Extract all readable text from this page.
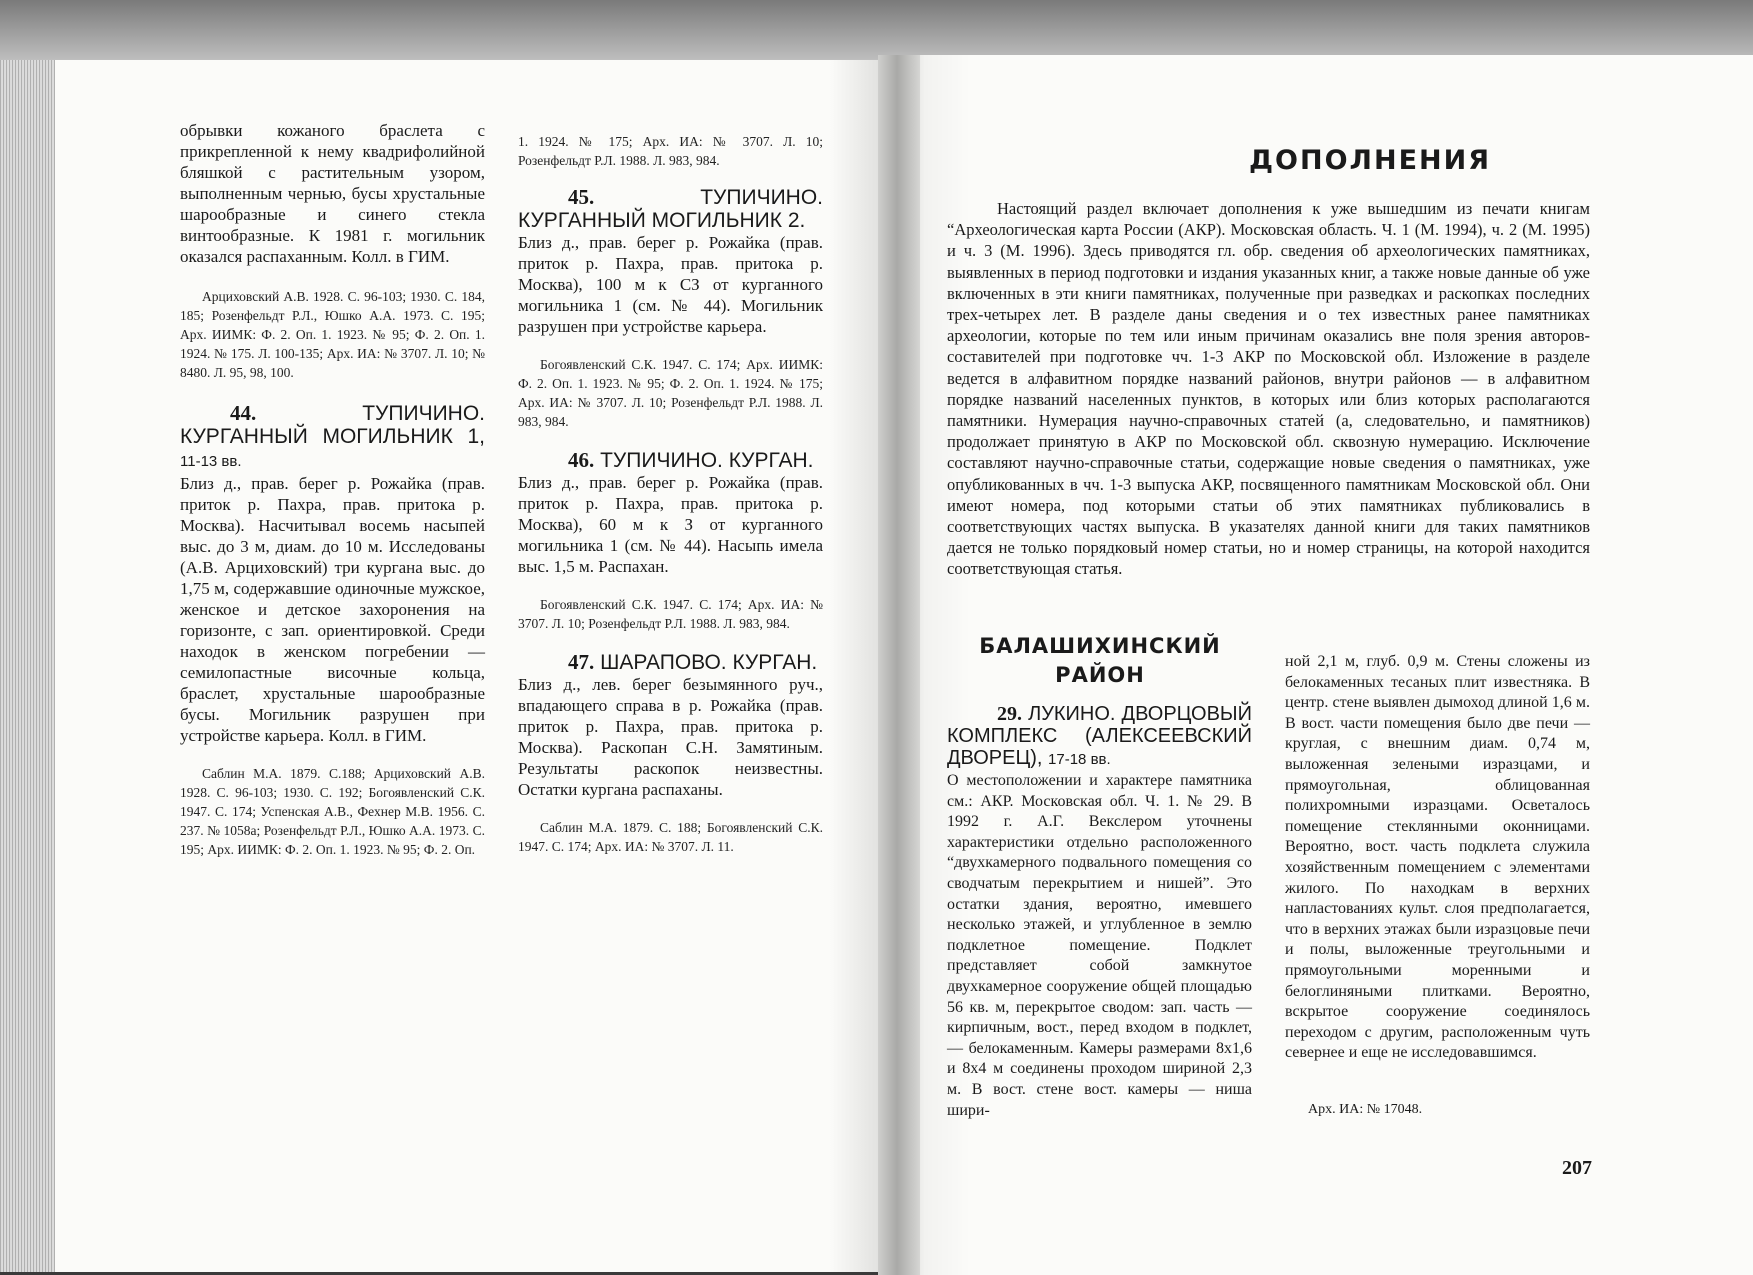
обрывки кожаного браслета с прикрепленной к нему квадрифолийной бляшкой с растительным узором, выполненным чернью, бусы хрустальные шарообразные и синего стекла винтообразные. К 1981 г. могильник оказался распаханным. Колл. в ГИМ.

Арциховский А.В. 1928. С. 96-103; 1930. С. 184, 185; Розенфельдт Р.Л., Юшко А.А. 1973. С. 195; Арх. ИИМК: Ф. 2. Оп. 1. 1923. № 95; Ф. 2. Оп. 1. 1924. № 175. Л. 100-135; Арх. ИА: № 3707. Л. 10; № 8480. Л. 95, 98, 100.

44.	ТУПИЧИНО. КУРГАННЫЙ МОГИЛЬНИК 1, 11-13 вв.

Близ д., прав. берег р. Рожайка (прав. приток р. Пахра, прав. притока р. Москва). Насчитывал восемь насыпей выс. до 3 м, диам. до 10 м. Исследованы (А.В. Арциховский) три кургана выс. до 1,75 м, содержавшие одиночные мужское, женское и детское захоронения на горизонте, с зап. ориентировкой. Среди находок в женском погребении — семилопастные височные кольца, браслет, хрустальные шарообразные бусы. Могильник разрушен при устройстве карьера. Колл. в ГИМ.

Саблин М.А. 1879. С.188; Арциховский А.В. 1928. С. 96-103; 1930. С. 192; Богоявленский С.К. 1947. С. 174; Успенская А.В., Фехнер М.В. 1956. С. 237. № 1058а; Розенфельдт Р.Л., Юшко А.А. 1973. С. 195; Арх. ИИМК: Ф. 2. Оп. 1. 1923. № 95; Ф. 2. Оп.

1. 1924. № 175; Арх. ИА: № 3707. Л. 10; Розенфельдт Р.Л. 1988. Л. 983, 984.

45.	ТУПИЧИНО. КУРГАННЫЙ МОГИЛЬНИК 2.

Близ д., прав. берег р. Рожайка (прав. приток р. Пахра, прав. притока р. Москва), 100 м к СЗ от курганного могильника 1 (см. № 44). Могильник разрушен при устройстве карьера.

Богоявленский С.К. 1947. С. 174; Арх. ИИМК: Ф. 2. Оп. 1. 1923. № 95; Ф. 2. Оп. 1. 1924. № 175; Арх. ИА: № 3707. Л. 10; Розенфельдт Р.Л. 1988. Л. 983, 984.

46. ТУПИЧИНО. КУРГАН.

Близ д., прав. берег р. Рожайка (прав. приток р. Пахра, прав. притока р. Москва), 60 м к З от курганного могильника 1 (см. № 44). Насыпь имела выс. 1,5 м. Распахан.

Богоявленский С.К. 1947. С. 174; Арх. ИА: № 3707. Л. 10; Розенфельдт Р.Л. 1988. Л. 983, 984.

47. ШАРАПОВО. КУРГАН.

Близ д., лев. берег безымянного руч., впадающего справа в р. Рожайка (прав. приток р. Пахра, прав. притока р. Москва). Раскопан С.Н. Замятиным. Результаты раскопок неизвестны. Остатки кургана распаханы.

Саблин М.А. 1879. С. 188; Богоявленский С.К. 1947. С. 174; Арх. ИА: № 3707. Л. 11.

ДОПОЛНЕНИЯ

Настоящий раздел включает дополнения к уже вышедшим из печати книгам “Археологическая карта России (АКР). Московская область. Ч. 1 (М. 1994), ч. 2 (М. 1995) и ч. 3 (М. 1996). Здесь приводятся гл. обр. сведения об археологических памятниках, выявленных в период подготовки и издания указанных книг, а также новые данные об уже включенных в эти книги памятниках, полученные при разведках и раскопках последних трех-четырех лет. В разделе даны сведения и о тех известных ранее памятниках археологии, которые по тем или иным причинам оказались вне поля зрения авторов-составителей при подготовке чч. 1-3 АКР по Московской обл. Изложение в разделе ведется в алфавитном порядке названий районов, внутри районов — в алфавитном порядке названий населенных пунктов, в которых или близ которых располагаются памятники. Нумерация научно-справочных статей (а, следовательно, и памятников) продолжает принятую в АКР по Московской обл. сквозную нумерацию. Исключение составляют научно-справочные статьи, содержащие новые сведения о памятниках, уже опубликованных в чч. 1-3 выпуска АКР, посвященного памятникам Московской обл. Они имеют номера, под которыми статьи об этих памятниках публиковались в соответствующих частях выпуска. В указателях данной книги для таких памятников дается не только порядковый номер статьи, но и номер страницы, на которой находится соответствующая статья.

БАЛАШИХИНСКИЙ РАЙОН
29. ЛУКИНО. ДВОРЦОВЫЙ КОМПЛЕКС (АЛЕКСЕЕВСКИЙ ДВОРЕЦ), 17-18 вв.

О местоположении и характере памятника см.: АКР. Московская обл. Ч. 1. № 29. В 1992 г. А.Г. Векслером уточнены характеристики отдельно расположенного “двухкамерного подвального помещения со сводчатым перекрытием и нишей”. Это остатки здания, вероятно, имевшего несколько этажей, и углубленное в землю подклетное помещение. Подклет представляет собой замкнутое двухкамерное сооружение общей площадью 56 кв. м, перекрытое сводом: зап. часть — кирпичным, вост., перед входом в подклет, — белокаменным. Камеры размерами 8x1,6 и 8x4 м соединены проходом шириной 2,3 м. В вост. стене вост. камеры — ниша шири-

ной 2,1 м, глуб. 0,9 м. Стены сложены из белокаменных тесаных плит известняка. В центр. стене выявлен дымоход длиной 1,6 м. В вост. части помещения было две печи — круглая, с внешним диам. 0,74 м, выложенная зелеными изразцами, и прямоугольная, облицованная полихромными изразцами. Осветалось помещение стеклянными оконницами. Вероятно, вост. часть подклета служила хозяйственным помещением с элементами жилого. По находкам в верхних напластованиях культ. слоя предполагается, что в верхних этажах были изразцовые печи и полы, выложенные треугольными и прямоугольными моренными и белоглиняными плитками. Вероятно, вскрытое сооружение соединялось переходом с другим, расположенным чуть севернее и еще не исследовавшимся.

Арх. ИА: № 17048.
207
